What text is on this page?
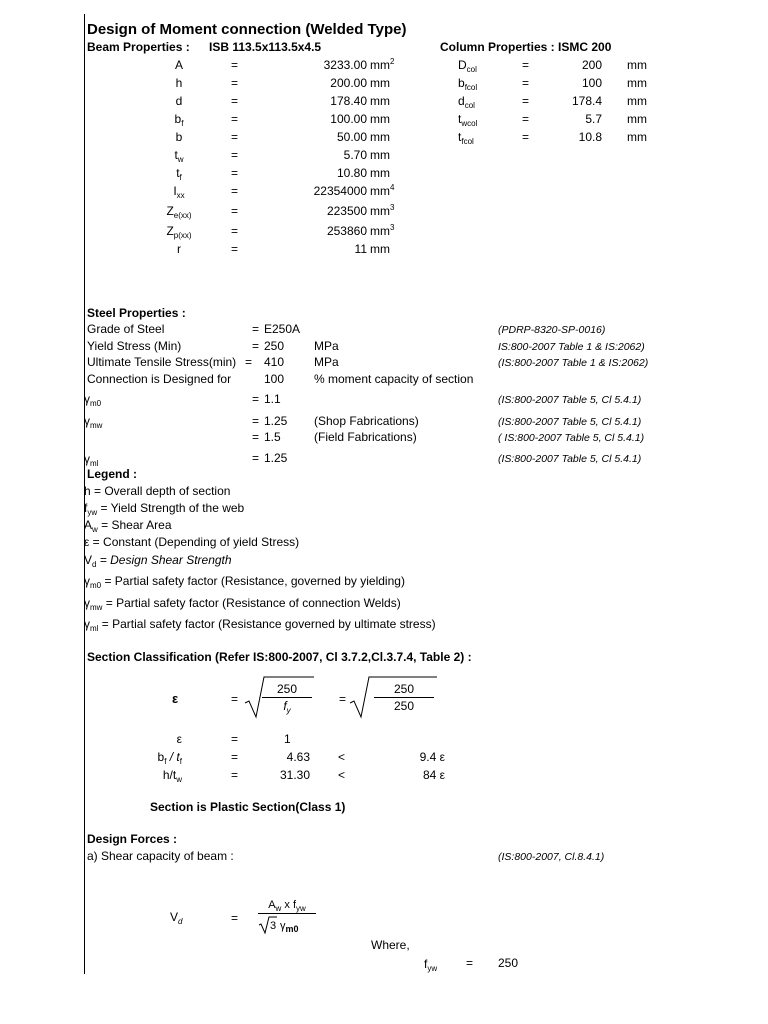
Design of Moment connection (Welded Type)
Beam Properties : ISB 113.5x113.5x4.5	Column Properties : ISMC 200
A	=	3233.00 $mm^2$
h	=	200.00 mm
d	=	178.40 mm
$b_f$	=	100.00 mm
b	=	50.00 mm
$t_w$	=	5.70 mm
$t_f$	=	10.80 mm
$I_{xx}$	=	22354000 $mm^4$
$Z_{e(xx)}$	=	223500 $mm^3$
$Z_{p(xx)}$	=	253860 $mm^3$
r	=	11 mm
$D_{col}$	=	200 mm
$b_{fcol}$	=	100 mm
$d_{col}$	=	178.4 mm
$t_{wcol}$	=	5.7 mm
$t_{fcol}$	=	10.8 mm
Steel Properties :
Grade of Steel	= E250A	(PDRP-8320-SP-0016)
Yield Stress (Min)	= 250 MPa	IS:800-2007 Table 1 & IS:2062)
Ultimate Tensile Stress(min) = 410 MPa	(IS:800-2007 Table 1 & IS:2062)
Connection is Designed for	100 % moment capacity of section
$\gamma_{m0}$	= 1.1	(IS:800-2007 Table 5, Cl 5.4.1)
$\gamma_{mw}$	= 1.25 (Shop Fabrications)	(IS:800-2007 Table 5, Cl 5.4.1)
= 1.5	(Field Fabrications)	( IS:800-2007 Table 5, Cl 5.4.1)
$\gamma_{ml}$	= 1.25	(IS:800-2007 Table 5, Cl 5.4.1)
Legend :
h = Overall depth of section
$f_{yw}$ = Yield Strength of the web
$A_w$ = Shear Area
ε = Constant (Depending of yield Stress)
$V_d$ = Design Shear Strength
$\gamma_{m0}$ = Partial safety factor (Resistance, governed by yielding)
$\gamma_{mw}$ = Partial safety factor (Resistance of connection Welds)
$\gamma_{ml}$ = Partial safety factor (Resistance governed by ultimate stress)
Section Classification (Refer IS:800-2007, Cl 3.7.2,Cl.3.7.4, Table 2) :
ε	=
250
$f_y$
=
250
250
ε	=	1
$b_f / t_f$	=	4.63 <	9.4 ε
$h/t_w$	=	31.30 <	84 ε
Section is Plastic Section(Class 1)
Design Forces :
a) Shear capacity of beam :	(IS:800-2007, Cl.8.4.1)
$V_d$	=
$A_w$ x $f_{yw}$
3 $\gamma_{m0}$
Where,
$f_{yw} = 250$
